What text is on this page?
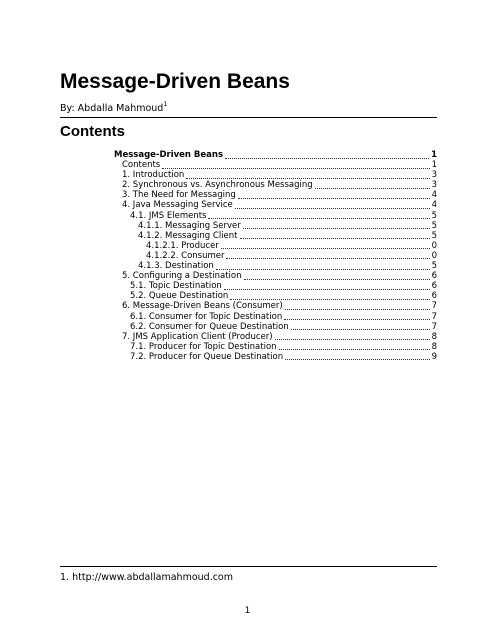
Message-Driven Beans
By: Abdalla Mahmoud$^1$
Contents
Message-Driven Beans	1
Contents	1
1. Introduction	3
2. Synchronous vs. Asynchronous Messaging	3
3. The Need for Messaging	4
4. Java Messaging Service	4
4.1. JMS Elements	5
4.1.1. Messaging Server	5
4.1.2. Messaging Client	5
4.1.2.1. Producer	0
4.1.2.2. Consumer	0
4.1.3. Destination	5
5. Configuring a Destination	6
5.1. Topic Destination	6
5.2. Queue Destination	6
6. Message-Driven Beans (Consumer)	7
6.1. Consumer for Topic Destination	7
6.2. Consumer for Queue Destination	7
7. JMS Application Client (Producer)	8
7.1. Producer for Topic Destination	8
7.2. Producer for Queue Destination	9
1. http://www.abdallamahmoud.com
1
